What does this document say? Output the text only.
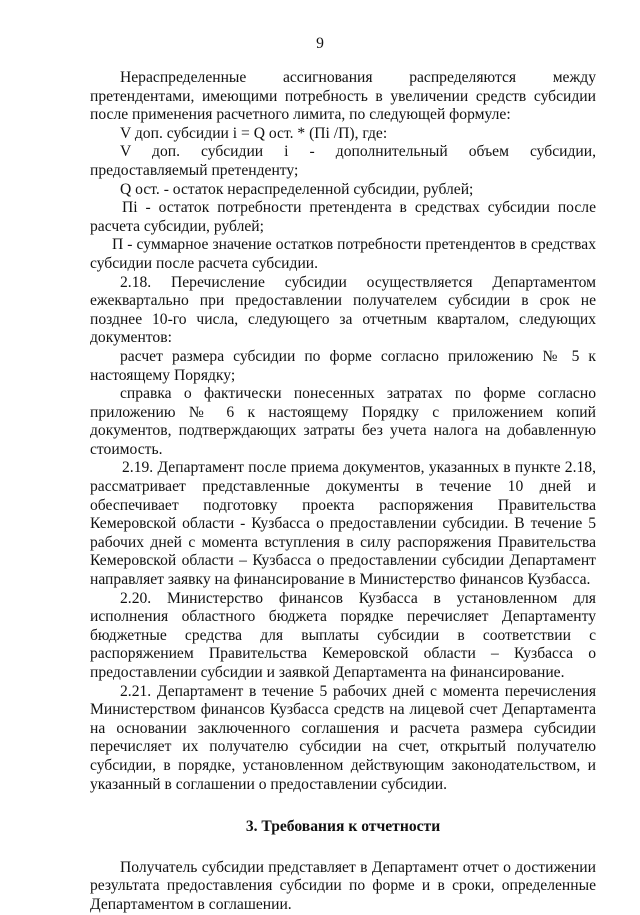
9

Нераспределенные ассигнования распределяются между претендентами, имеющими потребность в увеличении средств субсидии после применения расчетного лимита, по следующей формуле:

V доп. субсидии i = Q ост. * (Пi /П), где:

V доп. субсидии i - дополнительный объем субсидии, предоставляемый претенденту;

Q ост. - остаток нераспределенной субсидии, рублей;

Пi - остаток потребности претендента в средствах субсидии после расчета субсидии, рублей;

П - суммарное значение остатков потребности претендентов в средствах субсидии после расчета субсидии.

2.18. Перечисление субсидии осуществляется Департаментом ежеквартально при предоставлении получателем субсидии в срок не позднее 10-го числа, следующего за отчетным кварталом, следующих документов:

расчет размера субсидии по форме согласно приложению № 5 к настоящему Порядку;

справка о фактически понесенных затратах по форме согласно приложению № 6 к настоящему Порядку с приложением копий документов, подтверждающих затраты без учета налога на добавленную стоимость.

2.19. Департамент после приема документов, указанных в пункте 2.18, рассматривает представленные документы в течение 10 дней и обеспечивает подготовку проекта распоряжения Правительства Кемеровской области - Кузбасса о предоставлении субсидии. В течение 5 рабочих дней с момента вступления в силу распоряжения Правительства Кемеровской области – Кузбасса о предоставлении субсидии Департамент направляет заявку на финансирование в Министерство финансов Кузбасса.

2.20. Министерство финансов Кузбасса в установленном для исполнения областного бюджета порядке перечисляет Департаменту бюджетные средства для выплаты субсидии в соответствии с распоряжением Правительства Кемеровской области – Кузбасса о предоставлении субсидии и заявкой Департамента на финансирование.

2.21. Департамент в течение 5 рабочих дней с момента перечисления Министерством финансов Кузбасса средств на лицевой счет Департамента на основании заключенного соглашения и расчета размера субсидии перечисляет их получателю субсидии на счет, открытый получателю субсидии, в порядке, установленном действующим законодательством, и указанный в соглашении о предоставлении субсидии.

3. Требования к отчетности

Получатель субсидии представляет в Департамент отчет о достижении результата предоставления субсидии по форме и в сроки, определенные Департаментом в соглашении.
